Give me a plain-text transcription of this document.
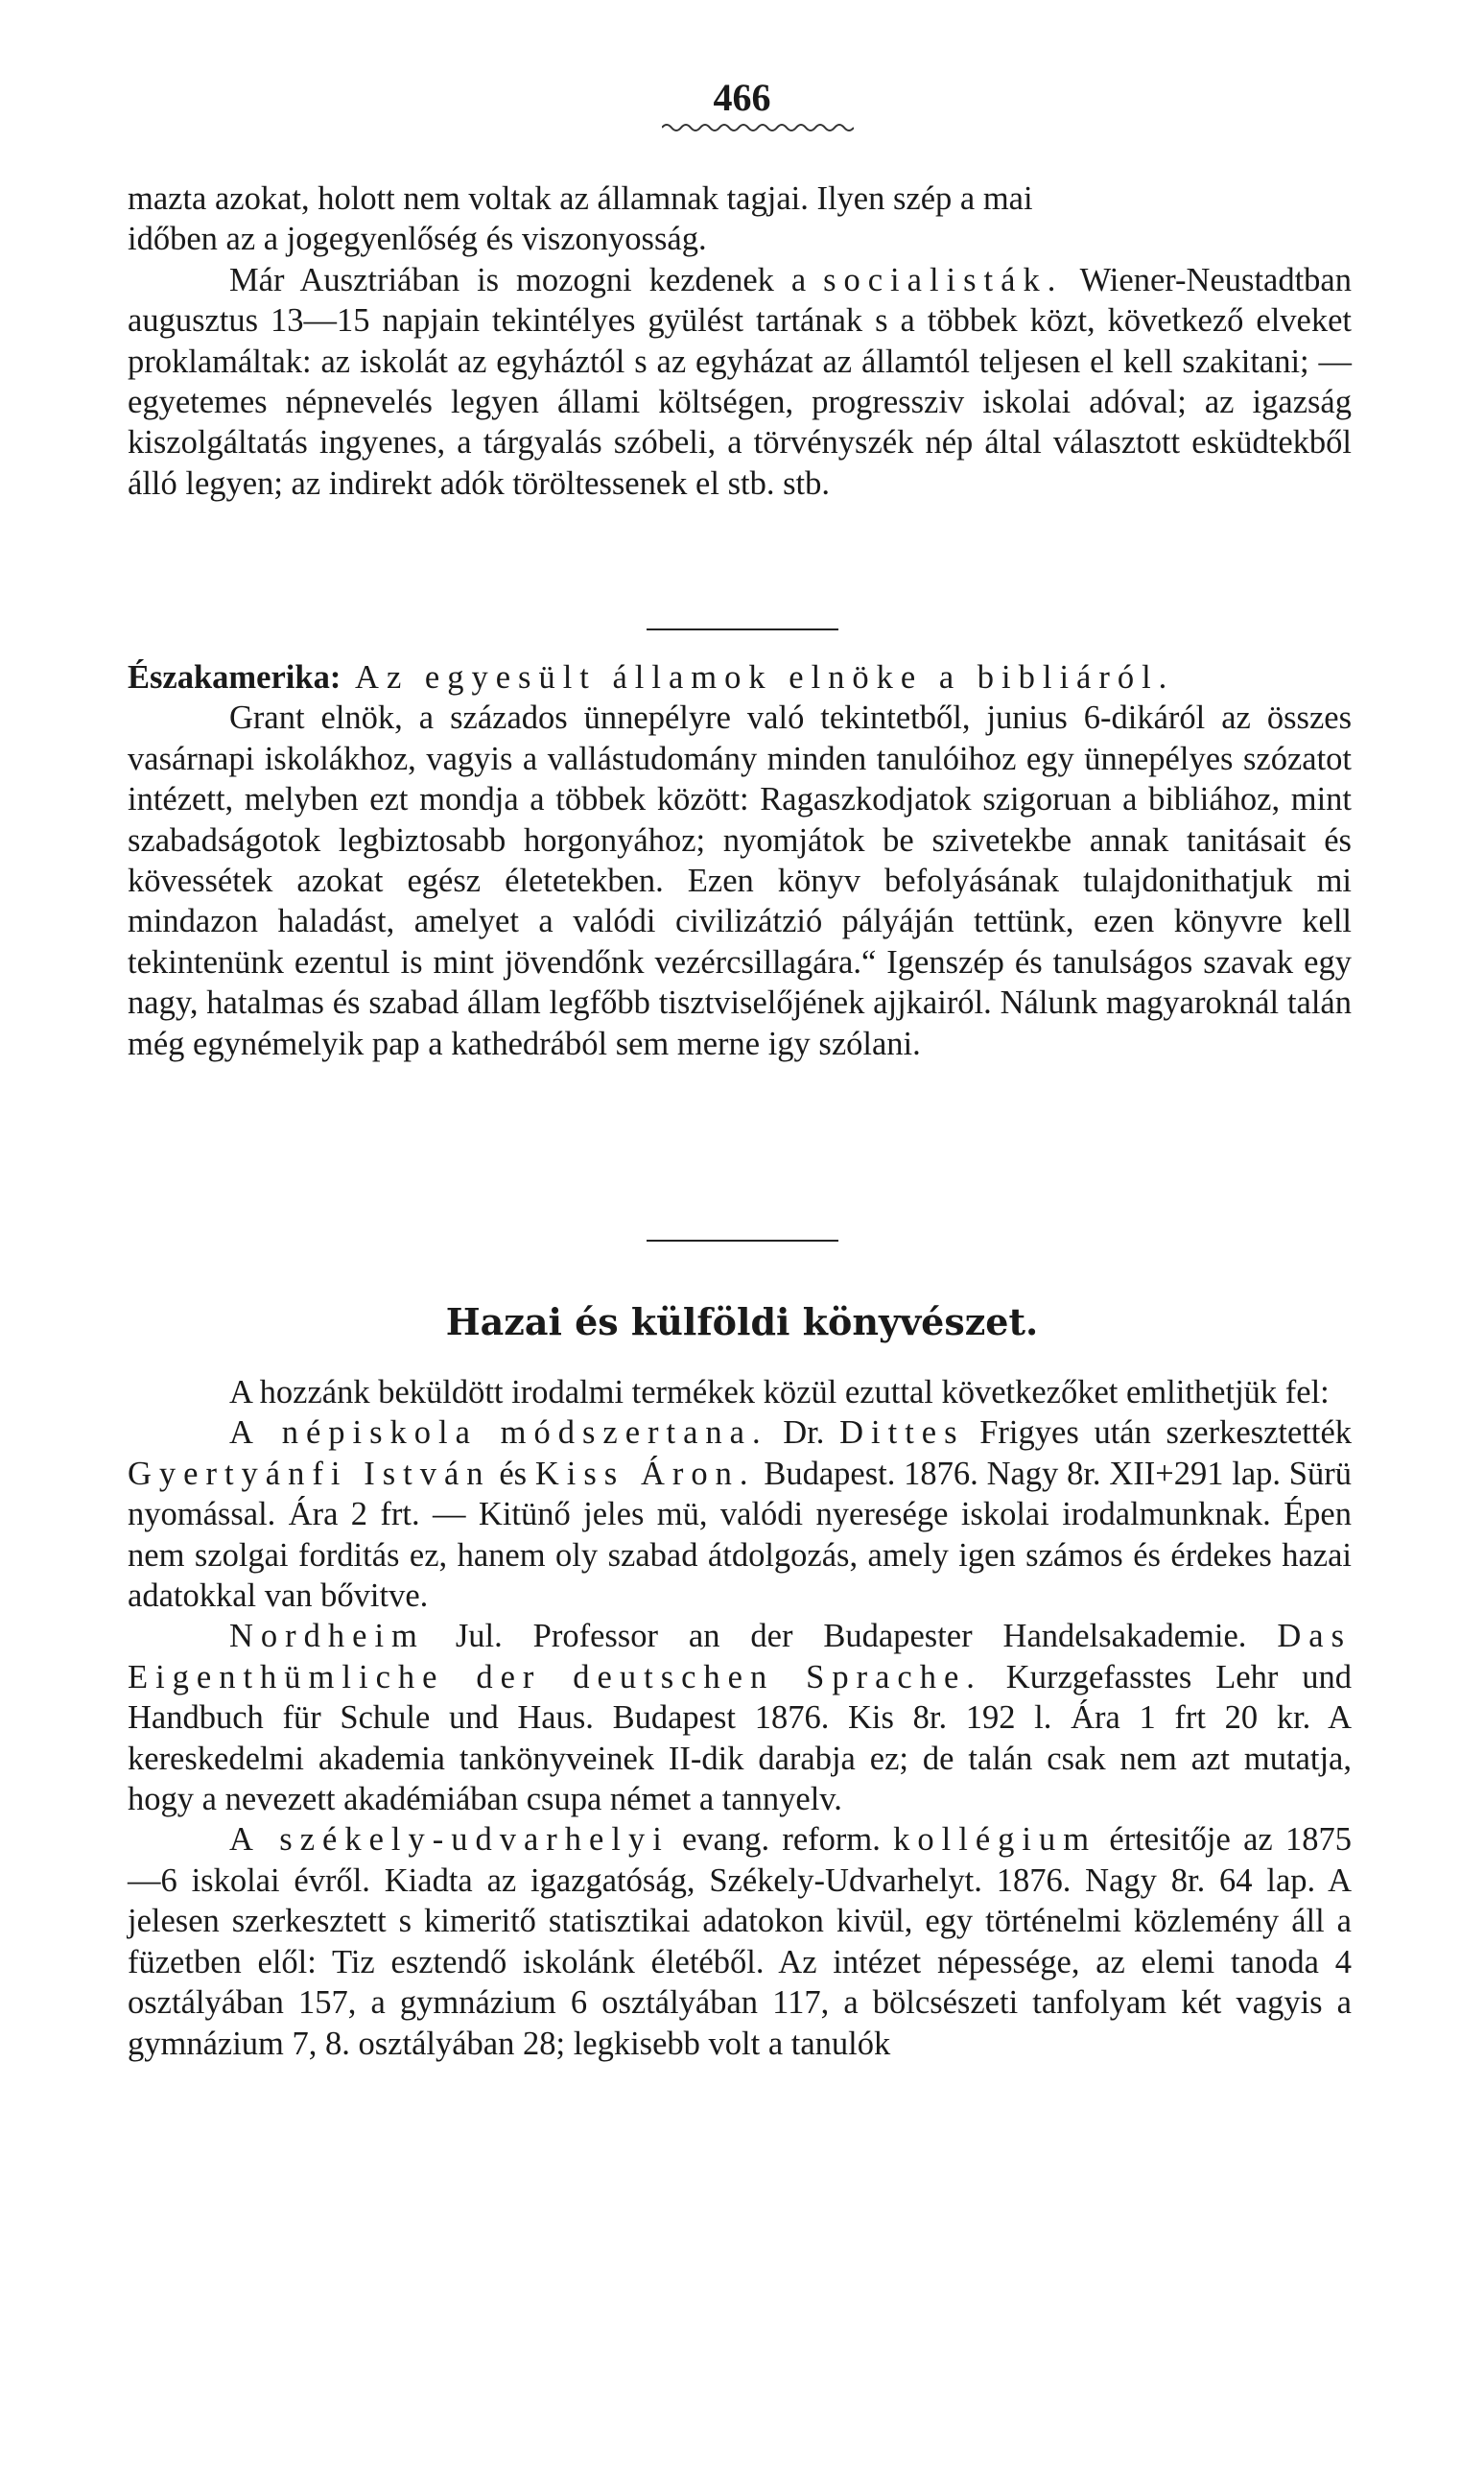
466

mazta azokat, holott nem voltak az államnak tagjai. Ilyen szép a mai

időben az a jogegyenlőség és viszonyosság.

Már Ausztriában is mozogni kezdenek a socialisták. Wiener-Neustadtban augusztus 13—15 napjain tekintélyes gyülést tartának s a többek közt, következő elveket proklamáltak: az iskolát az egyháztól s az egyházat az államtól teljesen el kell szakitani; — egyetemes népnevelés legyen állami költségen, progressziv iskolai adóval; az igazság kiszolgáltatás ingyenes, a tárgyalás szóbeli, a törvényszék nép által választott esküdtekből álló legyen; az indirekt adók töröltessenek el stb. stb.

Északamerika: Az egyesült államok elnöke a bibliáról.

Grant elnök, a százados ünnepélyre való tekintetből, junius 6-dikáról az összes vasárnapi iskolákhoz, vagyis a vallástudomány minden tanulóihoz egy ünnepélyes szózatot intézett, melyben ezt mondja a többek között: Ragaszkodjatok szigoruan a bibliához, mint szabadságotok legbiztosabb horgonyához; nyomjátok be szivetekbe annak tanitásait és kövessétek azokat egész életetekben. Ezen könyv befolyásának tulajdonithatjuk mi mindazon haladást, amelyet a valódi civilizátzió pályáján tettünk, ezen könyvre kell tekintenünk ezentul is mint jövendőnk vezércsillagára.“ Igenszép és tanulságos szavak egy nagy, hatalmas és szabad állam legfőbb tisztviselőjének ajjkairól. Nálunk magyaroknál talán még egynémelyik pap a kathedrából sem merne igy szólani.

Hazai és külföldi könyvészet.

A hozzánk beküldött irodalmi termékek közül ezuttal következőket emlithetjük fel:

A népiskola módszertana. Dr. Dittes Frigyes után szerkesztették Gyertyánfi István és Kiss Áron. Budapest. 1876. Nagy 8r. XII+291 lap. Sürü nyomással. Ára 2 frt. — Kitünő jeles mü, valódi nyeresége iskolai irodalmunknak. Épen nem szolgai forditás ez, hanem oly szabad átdolgozás, amely igen számos és érdekes hazai adatokkal van bővitve.

Nordheim Jul. Professor an der Budapester Handelsakademie. Das Eigenthümliche der deutschen Sprache. Kurzgefasstes Lehr und Handbuch für Schule und Haus. Budapest 1876. Kis 8r. 192 l. Ára 1 frt 20 kr. A kereskedelmi akademia tankönyveinek II-dik darabja ez; de talán csak nem azt mutatja, hogy a nevezett akadémiában csupa német a tannyelv.

A székely-udvarhelyi evang. reform. kollégium értesitője az 1875—6 iskolai évről. Kiadta az igazgatóság, Székely-Udvarhelyt. 1876. Nagy 8r. 64 lap. A jelesen szerkesztett s kimeritő statisztikai adatokon kivül, egy történelmi közlemény áll a füzetben elől: Tiz esztendő iskolánk életéből. Az intézet népessége, az elemi tanoda 4 osztályában 157, a gymnázium 6 osztályában 117, a bölcsészeti tanfolyam két vagyis a gymnázium 7, 8. osztályában 28; legkisebb volt a tanulók
